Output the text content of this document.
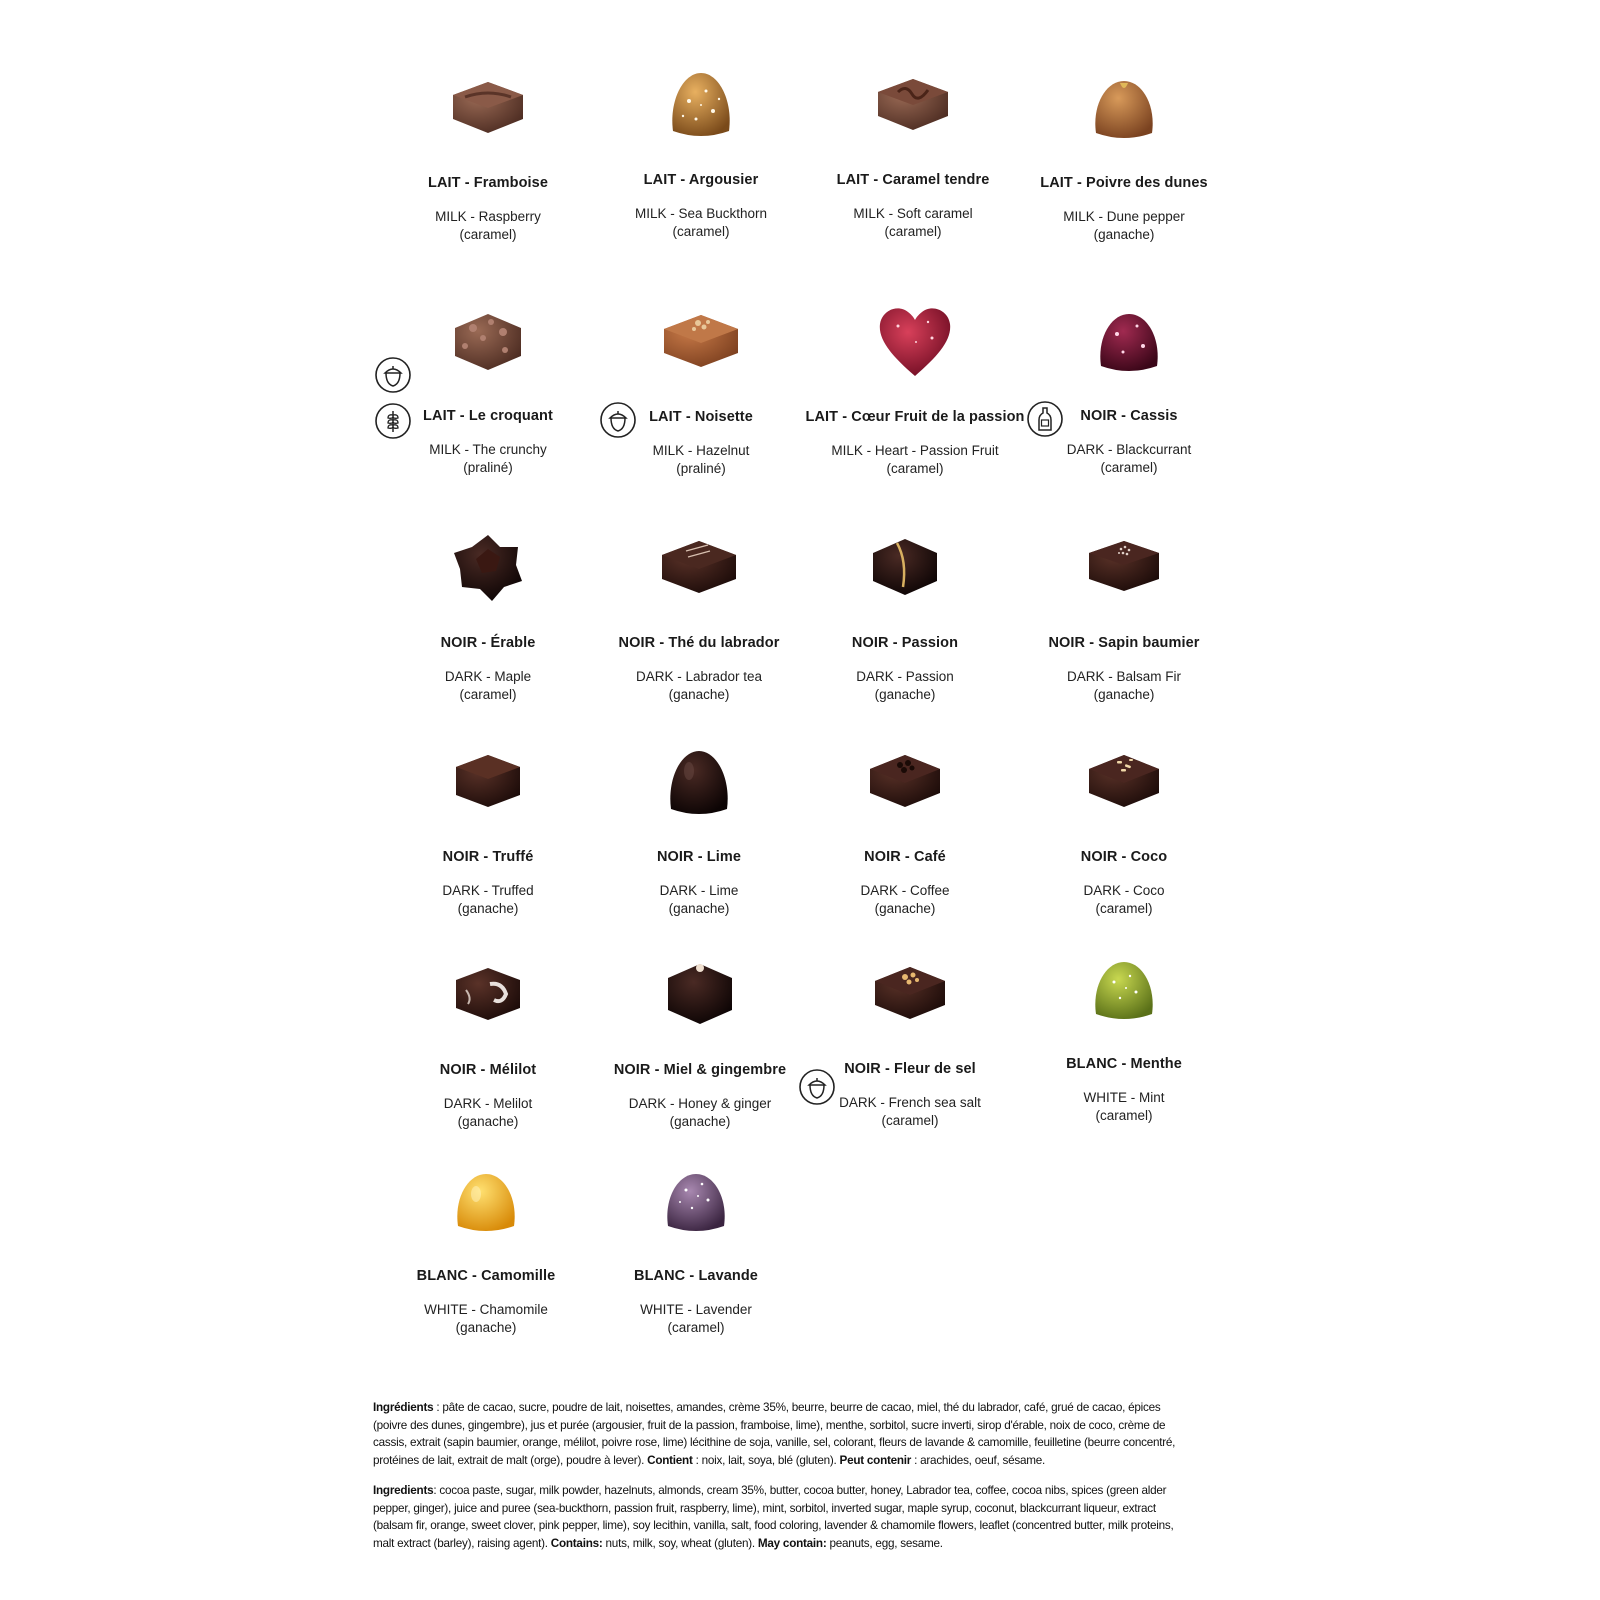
LAIT - Framboise
MILK - Raspberry
(caramel)
LAIT - Argousier
MILK - Sea Buckthorn
(caramel)
LAIT - Caramel tendre
MILK - Soft caramel
(caramel)
LAIT - Poivre des dunes
MILK - Dune pepper
(ganache)
LAIT - Le croquant
MILK - The crunchy
(praliné)
LAIT - Noisette
MILK - Hazelnut
(praliné)
LAIT - Cœur Fruit de la passion
MILK - Heart - Passion Fruit
(caramel)
NOIR - Cassis
DARK - Blackcurrant
(caramel)
NOIR - Érable
DARK - Maple
(caramel)
NOIR - Thé du labrador
DARK - Labrador tea
(ganache)
NOIR - Passion
DARK - Passion
(ganache)
NOIR - Sapin baumier
DARK - Balsam Fir
(ganache)
NOIR - Truffé
DARK - Truffed
(ganache)
NOIR - Lime
DARK - Lime
(ganache)
NOIR - Café
DARK - Coffee
(ganache)
NOIR - Coco
DARK - Coco
(caramel)
NOIR - Mélilot
DARK - Melilot
(ganache)
NOIR - Miel & gingembre
DARK - Honey & ginger
(ganache)
NOIR - Fleur de sel
DARK - French sea salt
(caramel)
BLANC - Menthe
WHITE - Mint
(caramel)
BLANC - Camomille
WHITE - Chamomile
(ganache)
BLANC - Lavande
WHITE - Lavender
(caramel)

Ingrédients : pâte de cacao, sucre, poudre de lait, noisettes, amandes, crème 35%, beurre, beurre de cacao, miel, thé du labrador, café, grué de cacao, épices (poivre des dunes, gingembre), jus et purée (argousier, fruit de la passion, framboise, lime), menthe, sorbitol, sucre inverti, sirop d'érable, noix de coco, crème de cassis, extrait (sapin baumier, orange, mélilot, poivre rose, lime) lécithine de soja, vanille, sel, colorant, fleurs de lavande & camomille, feuilletine (beurre concentré, protéines de lait, extrait de malt (orge), poudre à lever). Contient : noix, lait, soya, blé (gluten). Peut contenir : arachides, oeuf, sésame.

Ingredients: cocoa paste, sugar, milk powder, hazelnuts, almonds, cream 35%, butter, cocoa butter, honey, Labrador tea, coffee, cocoa nibs, spices (green alder pepper, ginger), juice and puree (sea-buckthorn, passion fruit, raspberry, lime), mint, sorbitol, inverted sugar, maple syrup, coconut, blackcurrant liqueur, extract (balsam fir, orange, sweet clover, pink pepper, lime), soy lecithin, vanilla, salt, food coloring, lavender & chamomile flowers, leaflet (concentred butter, milk proteins, malt extract (barley), raising agent). Contains: nuts, milk, soy, wheat (gluten). May contain: peanuts, egg, sesame.
